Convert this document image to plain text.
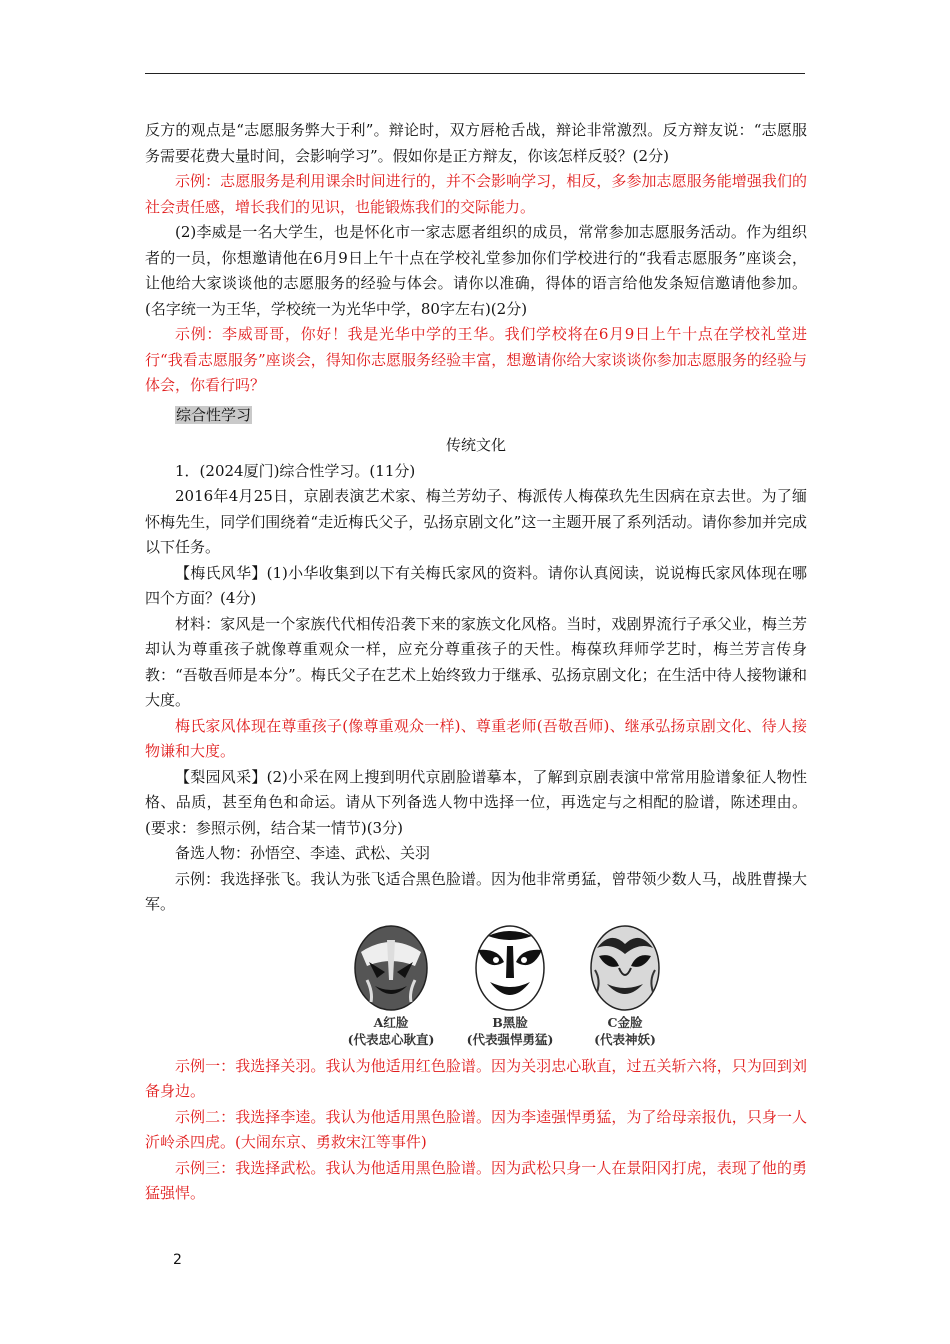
反方的观点是“志愿服务弊大于利”。辩论时，双方唇枪舌战，辩论非常激烈。反方辩友说：“志愿服务需要花费大量时间，会影响学习”。假如你是正方辩友，你该怎样反驳？(2分)

示例：志愿服务是利用课余时间进行的，并不会影响学习，相反，多参加志愿服务能增强我们的社会责任感，增长我们的见识，也能锻炼我们的交际能力。

(2)李威是一名大学生，也是怀化市一家志愿者组织的成员，常常参加志愿服务活动。作为组织者的一员，你想邀请他在6月9日上午十点在学校礼堂参加你们学校进行的“我看志愿服务”座谈会，让他给大家谈谈他的志愿服务的经验与体会。请你以准确，得体的语言给他发条短信邀请他参加。(名字统一为王华，学校统一为光华中学，80字左右)(2分)

示例：李威哥哥，你好！我是光华中学的王华。我们学校将在6月9日上午十点在学校礼堂进行“我看志愿服务”座谈会，得知你志愿服务经验丰富，想邀请你给大家谈谈你参加志愿服务的经验与体会，你看行吗？

综合性学习

传统文化

1．(2024厦门)综合性学习。(11分)

2016年4月25日，京剧表演艺术家、梅兰芳幼子、梅派传人梅葆玖先生因病在京去世。为了缅怀梅先生，同学们围绕着“走近梅氏父子，弘扬京剧文化”这一主题开展了系列活动。请你参加并完成以下任务。

【梅氏风华】(1)小华收集到以下有关梅氏家风的资料。请你认真阅读，说说梅氏家风体现在哪四个方面？(4分)

材料：家风是一个家族代代相传沿袭下来的家族文化风格。当时，戏剧界流行子承父业，梅兰芳却认为尊重孩子就像尊重观众一样，应充分尊重孩子的天性。梅葆玖拜师学艺时，梅兰芳言传身教：“吾敬吾师是本分”。梅氏父子在艺术上始终致力于继承、弘扬京剧文化；在生活中待人接物谦和大度。

梅氏家风体现在尊重孩子(像尊重观众一样)、尊重老师(吾敬吾师)、继承弘扬京剧文化、待人接物谦和大度。

【梨园风采】(2)小采在网上搜到明代京剧脸谱摹本，了解到京剧表演中常常用脸谱象征人物性格、品质，甚至角色和命运。请从下列备选人物中选择一位，再选定与之相配的脸谱，陈述理由。(要求：参照示例，结合某一情节)(3分)

备选人物：孙悟空、李逵、武松、关羽

示例：我选择张飞。我认为张飞适合黑色脸谱。因为他非常勇猛，曾带领少数人马，战胜曹操大军。

A红脸
(代表忠心耿直)
B黑脸
(代表强悍勇猛)
C金脸
(代表神妖)

示例一：我选择关羽。我认为他适用红色脸谱。因为关羽忠心耿直，过五关斩六将，只为回到刘备身边。

示例二：我选择李逵。我认为他适用黑色脸谱。因为李逵强悍勇猛，为了给母亲报仇，只身一人沂岭杀四虎。(大闹东京、勇救宋江等事件)

示例三：我选择武松。我认为他适用黑色脸谱。因为武松只身一人在景阳冈打虎，表现了他的勇猛强悍。

2
